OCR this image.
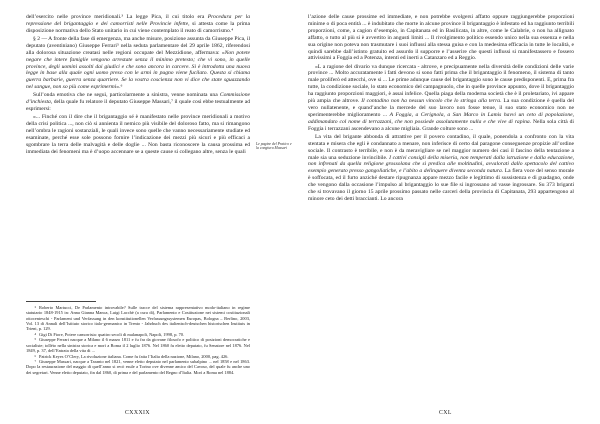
dell’esercito nelle province meridionali.³ La legge Pica, il cui titolo era Procedura per la repressione del brigantaggio e dei camorristi nelle Provincie infette, si attesta come la prima disposizione normativa dello Stato unitario in cui viene contemplato il reato di camorrismo.⁴

§ 2 — A fronte della fase di emergenza, ma anche misure, posizione assunta da Giuseppe Pica, il deputato (aventiniano) Giuseppe Ferrari⁵ nella seduta parlamentare del 29 aprile 1862, riferendosi alla dolorosa situazione creatasi nelle regioni occupate del Mezzidione, affermava: «Non potete negare che intere famiglie vengono arrestate senza il minimo pretesto; che vi sono, in quelle province, degli uomini assolti dai giudici e che sono ancora in carcere. Si è introdotta una nuova legge in base alla quale ogni uomo preso con le armi in pugno viene fucilato. Questa si chiama guerra barbarie, guerra senza quartiere. Se la vostra coscienza non vi dice che state sguazzando nel sangue, non so più come esprimermi».⁶

Sull’onda emotiva che ne seguì, particolarmente a sinistra, venne nominata una Commissione d’inchiesta, della quale fu relatore il deputato Giuseppe Massari,⁷ il quale così ebbe testualmente ad esprimersi:

«... Finché con il dire che il brigantaggio sé è manifestato nelle province meridionali a motivo della crisi politica ..., non ciò si annienta il nemico più visibile del doloroso fatto, ma si rimangono nell’ombra le ragioni sostanziali, le quali invece sono quelle che vanno necessariamente studiate ed esaminate, perché esse sole possono fornire l’indicazione dei mezzi più sicuri e più efficaci a sgombrare la terra delle malvagità e delle doglie ... Non basta riconoscere la causa prossima ed immediata dei fenomeni ma è d’uopo accennare se a queste cause si collegano altre, senza le quali

Le pagine del Pratico e la congiura Massari
³ Roberto Martucci, De Parlamento introvabile? Sulle tracce del sistema rappresentativo modo-italiano in regime statutario 1848-1915 in: Anna Gianna Manca, Luigi Lacchè (a cura di), Parlamento e Costituzione nei sistemi costituzionali ottocenteschi - Parlament und Verfassung in den konstitutionellen Verfassungssystemen Europas, Bologna – Berlino, 2003, Vol. 13 di Annali dell’Istituto storico italo-germanico in Trento - Jahrbuch des italienisch-deutschen historischen Instituts in Trient, p. 129.
⁴ Gigi Di Fiore, Potere camorrista: quattro secoli di malanapoli, Napoli, 1998, p. 70.
⁵ Giuseppe Ferrari nacque a Milano il 6 marzo 1811 e fu fra da giovane filosofo e politico di posizioni democratiche e socialiste; tolléto nella sinistra storica e morì a Roma il 2 luglio 1876. Nel 1860 fu eletto deputato, fu Senatore nel 1876. Nel 1849, p. 37, dell’Entrata della vita di ...
⁶ Patrick Keyes O’Clery, La rivoluzione italiana. Come fu fatta l’Italia della nazione, Milano, 2000, pag. 426.
⁷ Giuseppe Massari, nacque a Taranto nel 1821, venne eletto deputato nel parlamento subalpino ... nel 1858 e nel 1863. Dopo la restaurazione del maggio di quell’anno si recò esule a Torino ove divenne amico del Cavour, del quale fu anche uno dei segretari. Venne eletto deputato, fin dal 1860, di prima e del parlamento del Regno d’Italia. Morì a Roma nel 1884.
CXXXIX

l’azione delle cause prossime ed immediate, e non potrebbe svolgersi affatto oppure raggiungerebbe proporzioni minime o di poca entità ... è indubitato che morte in alcune province il brigantaggio è infestato ed ha raggiunto terribili proporzioni, come, a cagion d’esempio, in Capitanata ed in Basilicata, in altre, come le Calabrie, o non ha allignato affatto, o tutto al più si è avvertito in angusti limiti ... Il rivolgimento politico essendo unico nella sua essenza e nella sua origine non poteva non trasmutare i suoi influssi alla stessa guisa e con la medesima efficacia in tutte le località, e quindi sarebbe dall’istinto gratuito ed assurdo il supporre e l’asserire che questi influssi si manifestassero e fossero attivissimi a Foggia ed a Potenza, intenti ed inerti a Catanzaro ed a Reggio.

«L a ragione del divario va dunque ricercata - altrove, e precipuamente nella diversità delle condizioni delle varie province ... Molto accuratamente i fatti devono si sono fatti prima che il brigantaggio il fenomeno, il sistema di tanto male proliferò ed attecchì, ove si ... Le prime adunque cause del brigantaggio sono le cause predisponenti. E, prima fra tutte, la condizione sociale, lo stato economico del campagnuolo, che in quelle province appunto, dove il brigantaggio ha raggiunto proporzioni maggiori, è assai infelice. Quella piaga della moderna società che è il proletariato, ivi appare più ampia che altrove. Il contadino non ha nessun vincolo che lo stringa alla terra. La sua condizione è quella del vero nullatenente, e quand’anche la mercede del suo lavoro non fosse tenue, il suo stato economico non ne sperimenterebbe miglioramento ... A Foggia, a Cerignola, a San Marco in Lamis havvi un ceto di popolazione, addimandato col nome di terrazzani, che non possiede assolutamente nulla e che vive di rapina. Nella sola città di Foggia i terrazzani ascendevano a alcune migliaia. Grande colture sono ...

La vita del brigante abbonda di attrattive per il povero contadino, il quale, ponendola a confronto con la vita stentata e misera che egli è condannato a menare, non inferisce di certo dal paragone conseguenze propizie all’ordine sociale. Il contrasto è terribile, e non è da meravigliare se nel maggior numero dei casi il fascino della tentazione a male sia una seduzione invincibile. I cattivi consigli della miseria, non temperati dalla istruzione e dalla educazione, non infrenati da quella religione grossolana che si predica alle moltitudini, avvalorati dallo spettacolo del cattivo esempio generato presso gangoliatiche, e l’abito a delinquere diventa seconda natura. La fiera voce del senso morale è soffocata, ed il furto anziché destare ripugnanza appare mezzo facile e legittimo di sussistenza e di guadagno, onde che vengono dalla occasione l’impulso al brigantaggio lo sue file si ingrossano ad vasse ingrossare. Su 373 briganti che si trovavano il giorno 15 aprile prossimo passato nelle carceri della provincia di Capitanata, 293 appartengono al minore ceto dei detti braccianti. Lo ancora

CXL
